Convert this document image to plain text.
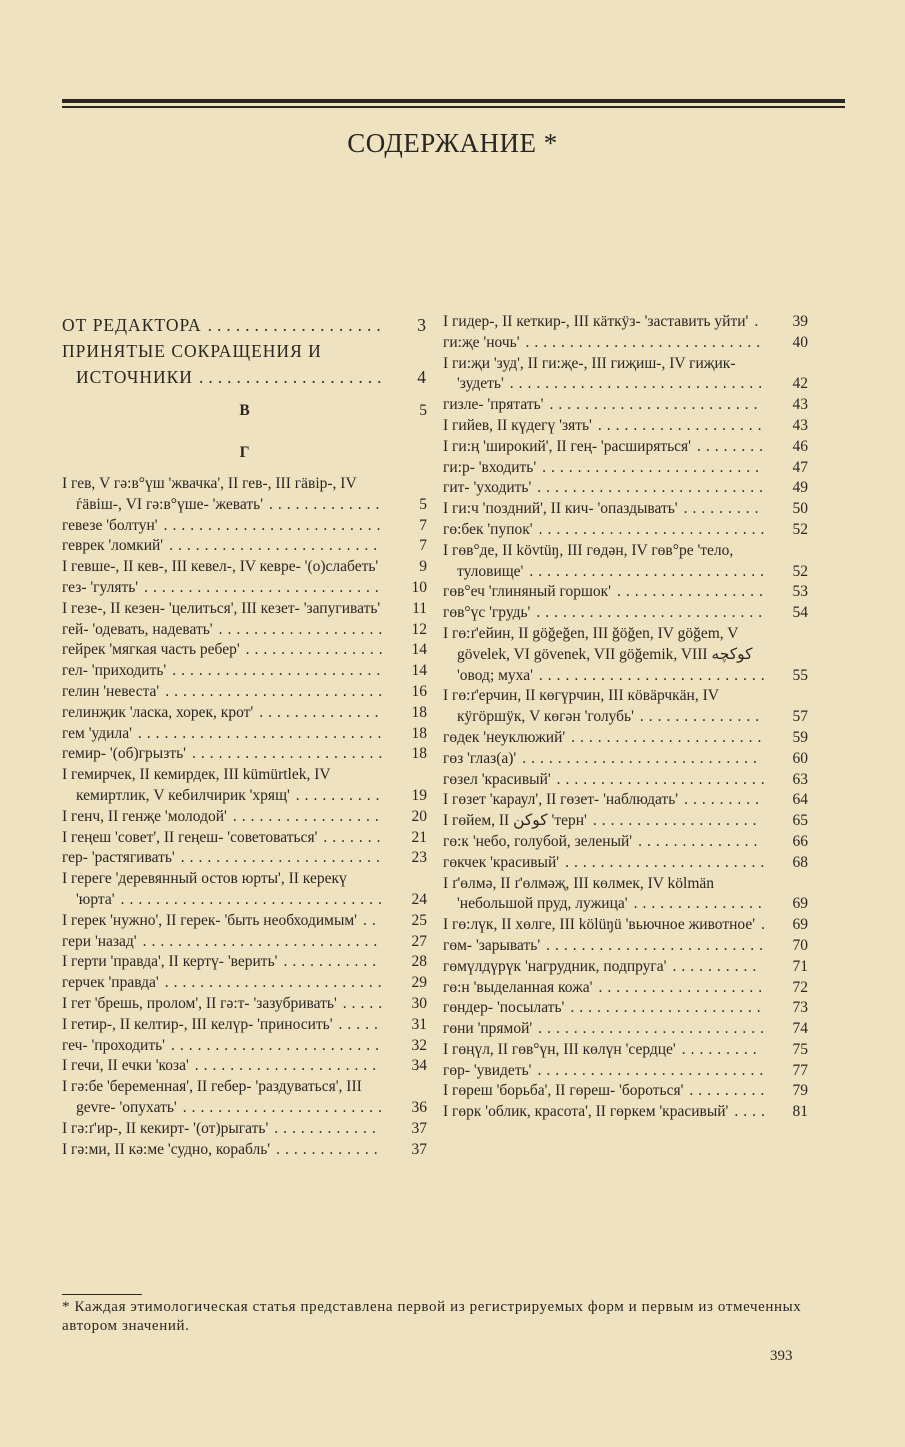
СОДЕРЖАНИЕ *
ОТ РЕДАКТОРА	3
...................
ПРИНЯТЫЕ СОКРАЩЕНИЯ И ИСТОЧНИКИ	4
....................
В	5
Г
I гев, V гə:в°үш 'жвачка', II гев-, III гäвiр-, IV ѓäвiш-, VI гə:в°үше- 'жевать'	5
.............
гевезе 'болтун'	7
.........................
геврек 'ломкий'	7
........................
I гевше-, II кев-, III кевел-, IV кевре- '(о)слабеть'	9
гез- 'гулять'	10
...........................
I гезе-, II кезен- 'целиться', III кезет- 'запугивать'	11
гей- 'одевать, надевать'	12
...................
гейрек 'мягкая часть ребер'	14
................
гел- 'приходить'	14
........................
гелин 'невеста'	16
.........................
гелинҗик 'ласка, хорек, крот'	18
..............
гем 'удила'	18
............................
гемир- '(об)грызть'	18
......................
I гемирчек, II кемирдек, III kümürtlek, IV кемиртлик, V кебилчирик 'хрящ'	19
..........
I генч, II генҗе 'молодой'	20
.................
I геңеш 'совет', II геңеш- 'советоваться'	21
.......
гер- 'растягивать'	23
.......................
I гереге 'деревянный остов юрты', II керекү 'юрта'	24
..............................
I герек 'нужно', II герек- 'быть необходимым'	25
..
гери 'назад'	27
...........................
I герти 'правда', II кертү- 'верить'	28
...........
герчек 'правда'	29
.........................
I гет 'брешь, пролом', II гə:т- 'зазубривать'	30
.....
I гетир-, II келтир-, III келүр- 'приносить'	31
.....
геч- 'проходить'	32
........................
I гечи, II ечки 'коза'	34
.....................
I гə:бе 'беременная', II гебер- 'раздуваться', III gevre- 'опухать'	36
.......................
I гə:ґ'ир-, II кекирт- '(от)рыгать'	37
............
I гə:ми, II кə:ме 'судно, корабль'	37
............
I гидер-, II кеткир-, III кäткӱз- 'заставить уйти'	39
.
ги:җе 'ночь'	40
...........................
I ги:җи 'зуд', II ги:җе-, III гиҗиш-, IV гиҗик- 'зудеть'	42
.............................
гизле- 'прятать'	43
........................
I гийев, II күдегү 'зять'	43
...................
I ги:ң 'широкий', II гең- 'расширяться'	46
........
ги:р- 'входить'	47
.........................
гит- 'уходить'	49
..........................
I ги:ч 'поздний', II кич- 'опаздывать'	50
.........
гө:бек 'пупок'	52
..........................
I гөв°де, II kövtüŋ, III гөдəн, IV гөв°ре 'тело, туловище'	52
...........................
гөв°еч 'глиняный горшок'	53
.................
гөв°үс 'грудь'	54
..........................
I гө:ґ'ейин, II göğeğen, III ğöğen, IV göğem, V gövelek, VI gövenek, VII göğemik, VIII كوكچه 'овод; муха'	55
..........................
I гө:ґ'ерчин, II көгүрчин, III кöвäрчкäн, IV кӱгöршӱк, V көгəн 'голубь'	57
..............
гөдек 'неуклюжий'	59
......................
гөз 'глаз(а)'	60
...........................
гөзел 'красивый'	63
........................
I гөзет 'караул', II гөзет- 'наблюдать'	64
.........
I гөйем, II كوكن 'терн'	65
...................
гө:к 'небо, голубой, зеленый'	66
..............
гөкчек 'красивый'	68
.......................
I ґ'өлмə, II ґ'өлмəҗ, III көлмек, IV kölmän 'небольшой пруд, лужица'	69
...............
I гө:лүк, II хөлге, III kölüŋü 'вьючное животное'	69
.
гөм- 'зарывать'	70
.........................
гөмүлдүрүк 'нагрудник, подпруга'	71
..........
гө:н 'выделанная кожа'	72
...................
гөндер- 'посылать'	73
......................
гөни 'прямой'	74
..........................
I гөңүл, II гөв°үн, III көлүн 'сердце'	75
.........
гөр- 'увидеть'	77
..........................
I гөреш 'борьба', II гөреш- 'бороться'	79
.........
I гөрк 'облик, красота', II гөркем 'красивый'	81
....
* Каждая этимологическая статья представлена первой из регистрируемых форм и первым из отмеченных автором значений.
393
